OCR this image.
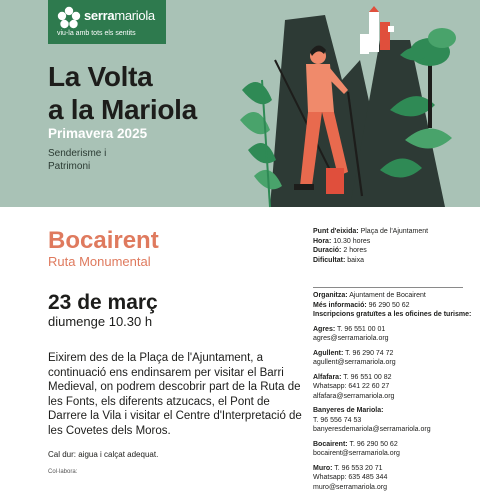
serramariola
viu-la amb tots els sentits
La Volta
a la Mariola
Primavera 2025
Senderisme i
Patrimoni
Bocairent
Ruta Monumental
23 de març
diumenge 10.30 h
Eixirem des de la Plaça de l'Ajuntament, a continuació ens endinsarem per visitar el Barri Medieval, on podrem descobrir part de la Ruta de les Fonts, els diferents atzucacs, el Pont de Darrere la Vila i visitar el Centre d'Interpretació de les Covetes dels Moros.
Cal dur: aigua i calçat adequat.
Col·labora:
Punt d'eixida: Plaça de l'Ajuntament
Hora: 10.30 hores
Duració: 2 hores
Dificultat: baixa
Organitza: Ajuntament de Bocairent
Més informació: 96 290 50 62
Inscripcions gratuïtes a les oficines de turisme:
Agres: T. 96 551 00 01
agres@serramariola.org
Agullent: T. 96 290 74 72
agullent@serramariola.org
Alfafara: T. 96 551 00 82
Whatsapp: 641 22 60 27
alfafara@serramariola.org
Banyeres de Mariola:
T. 96 556 74 53
banyeresdemariola@serramariola.org
Bocairent: T. 96 290 50 62
bocairent@serramariola.org
Muro: T. 96 553 20 71
Whatsapp: 635 485 344
muro@serramariola.org
